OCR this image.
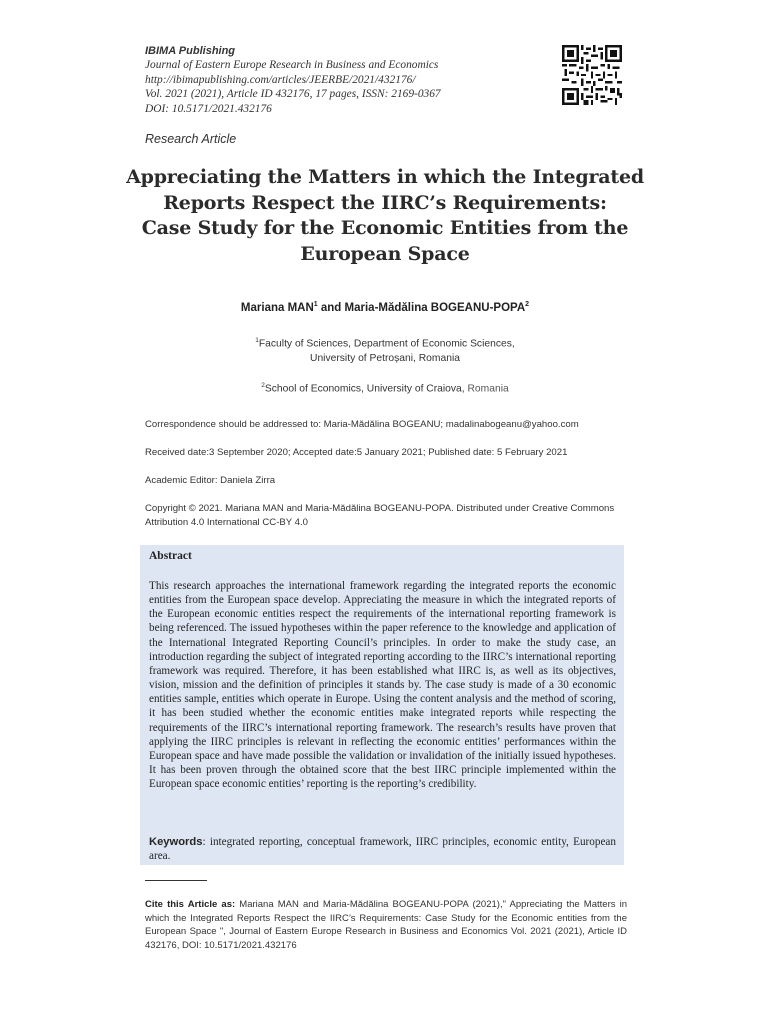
IBIMA Publishing
Journal of Eastern Europe Research in Business and Economics
http://ibimapublishing.com/articles/JEERBE/2021/432176/
Vol. 2021 (2021), Article ID 432176, 17 pages, ISSN: 2169-0367
DOI: 10.5171/2021.432176
Research Article
Appreciating the Matters in which the Integrated
Reports Respect the IIRC’s Requirements:
Case Study for the Economic Entities from the
European Space
Mariana MAN$^1$ and Maria-Mădălina BOGEANU-POPA$^2$
$^1$Faculty of Sciences, Department of Economic Sciences,
University of Petroșani, Romania
$^2$School of Economics, University of Craiova, Romania
Correspondence should be addressed to: Maria-Mădălina BOGEANU; madalinabogeanu@yahoo.com
Received date:3 September 2020; Accepted date:5 January 2021; Published date: 5 February 2021
Academic Editor: Daniela Zirra
Copyright © 2021. Mariana MAN and Maria-Mădălina BOGEANU-POPA. Distributed under Creative Commons Attribution 4.0 International CC-BY 4.0
Abstract
This research approaches the international framework regarding the integrated reports the economic entities from the European space develop. Appreciating the measure in which the integrated reports of the European economic entities respect the requirements of the international reporting framework is being referenced. The issued hypotheses within the paper reference to the knowledge and application of the International Integrated Reporting Council’s principles. In order to make the study case, an introduction regarding the subject of integrated reporting according to the IIRC’s international reporting framework was required. Therefore, it has been established what IIRC is, as well as its objectives, vision, mission and the definition of principles it stands by. The case study is made of a 30 economic entities sample, entities which operate in Europe. Using the content analysis and the method of scoring, it has been studied whether the economic entities make integrated reports while respecting the requirements of the IIRC’s international reporting framework. The research’s results have proven that applying the IIRC principles is relevant in reflecting the economic entities’ performances within the European space and have made possible the validation or invalidation of the initially issued hypotheses. It has been proven through the obtained score that the best IIRC principle implemented within the European space economic entities’ reporting is the reporting’s credibility.
Keywords: integrated reporting, conceptual framework, IIRC principles, economic entity, European area.
Cite this Article as: Mariana MAN and Maria-Mădălina BOGEANU-POPA (2021)," Appreciating the Matters in which the Integrated Reports Respect the IIRC’s Requirements: Case Study for the Economic entities from the European Space ", Journal of Eastern Europe Research in Business and Economics Vol. 2021 (2021), Article ID 432176, DOI: 10.5171/2021.432176
